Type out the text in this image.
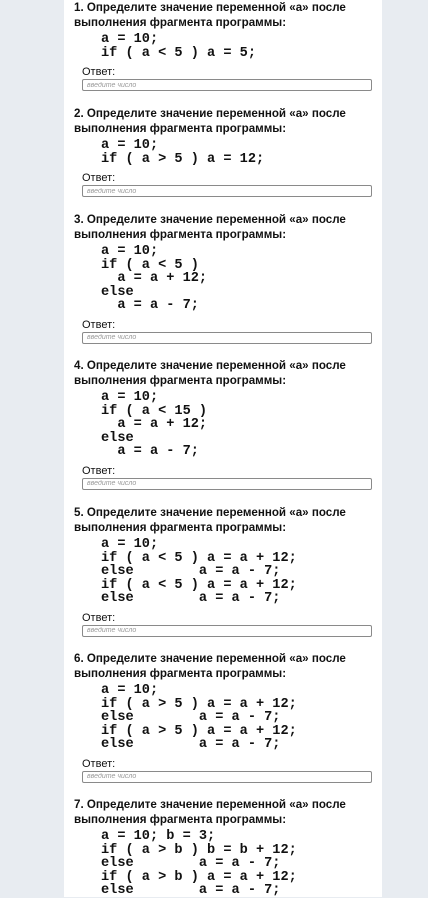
1. Определите значение переменной «а» после
выполнения фрагмента программы:
a = 10;
if ( a < 5 ) a = 5;
Ответ:
введите число
2. Определите значение переменной «а» после
выполнения фрагмента программы:
a = 10;
if ( a > 5 ) a = 12;
Ответ:
введите число
3. Определите значение переменной «а» после
выполнения фрагмента программы:
a = 10;
if ( a < 5 )
a = a + 12;
else
a = a - 7;
Ответ:
введите число
4. Определите значение переменной «а» после
выполнения фрагмента программы:
a = 10;
if ( a < 15 )
a = a + 12;
else
a = a - 7;
Ответ:
введите число
5. Определите значение переменной «а» после
выполнения фрагмента программы:
a = 10;
if ( a < 5 ) a = a + 12;
else        a = a - 7;
if ( a < 5 ) a = a + 12;
else        a = a - 7;
Ответ:
введите число
6. Определите значение переменной «а» после
выполнения фрагмента программы:
a = 10;
if ( a > 5 ) a = a + 12;
else        a = a - 7;
if ( a > 5 ) a = a + 12;
else        a = a - 7;
Ответ:
введите число
7. Определите значение переменной «а» после
выполнения фрагмента программы:
a = 10; b = 3;
if ( a > b ) b = b + 12;
else        a = a - 7;
if ( a > b ) a = a + 12;
else        a = a - 7;
